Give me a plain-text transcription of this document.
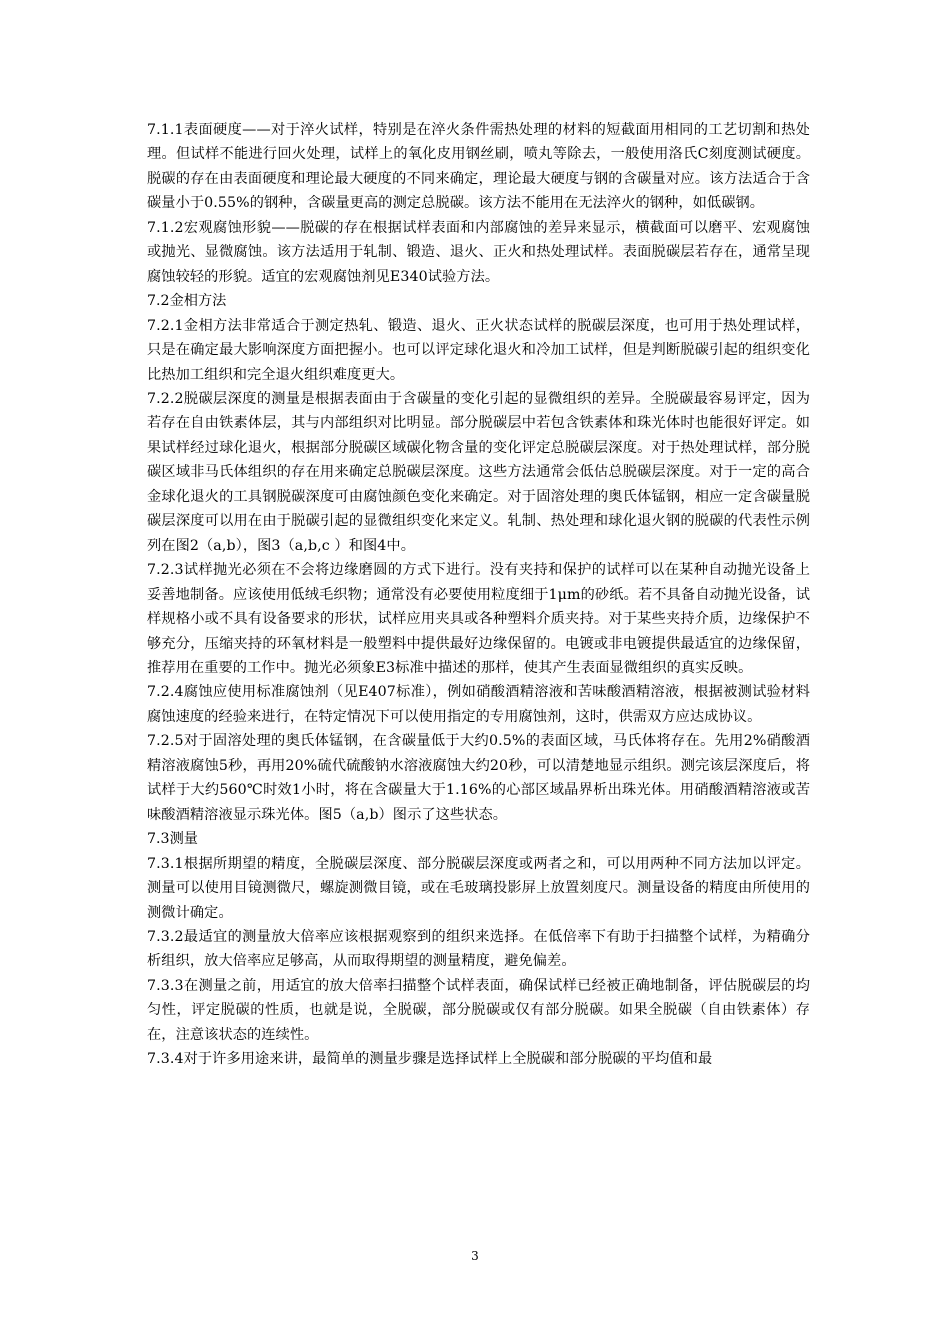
7.1.1表面硬度——对于淬火试样，特别是在淬火条件需热处理的材料的短截面用相同的工艺切割和热处理。但试样不能进行回火处理，试样上的氧化皮用钢丝刷，喷丸等除去，一般使用洛氏C刻度测试硬度。脱碳的存在由表面硬度和理论最大硬度的不同来确定，理论最大硬度与钢的含碳量对应。该方法适合于含碳量小于0.55%的钢种，含碳量更高的测定总脱碳。该方法不能用在无法淬火的钢种，如低碳钢。

7.1.2宏观腐蚀形貌——脱碳的存在根据试样表面和内部腐蚀的差异来显示，横截面可以磨平、宏观腐蚀或抛光、显微腐蚀。该方法适用于轧制、锻造、退火、正火和热处理试样。表面脱碳层若存在，通常呈现腐蚀较轻的形貌。适宜的宏观腐蚀剂见E340试验方法。

7.2金相方法

7.2.1金相方法非常适合于测定热轧、锻造、退火、正火状态试样的脱碳层深度，也可用于热处理试样，只是在确定最大影响深度方面把握小。也可以评定球化退火和冷加工试样，但是判断脱碳引起的组织变化比热加工组织和完全退火组织难度更大。

7.2.2脱碳层深度的测量是根据表面由于含碳量的变化引起的显微组织的差异。全脱碳最容易评定，因为若存在自由铁素体层，其与内部组织对比明显。部分脱碳层中若包含铁素体和珠光体时也能很好评定。如果试样经过球化退火，根据部分脱碳区域碳化物含量的变化评定总脱碳层深度。对于热处理试样，部分脱碳区域非马氏体组织的存在用来确定总脱碳层深度。这些方法通常会低估总脱碳层深度。对于一定的高合金球化退火的工具钢脱碳深度可由腐蚀颜色变化来确定。对于固溶处理的奥氏体锰钢，相应一定含碳量脱碳层深度可以用在由于脱碳引起的显微组织变化来定义。轧制、热处理和球化退火钢的脱碳的代表性示例列在图2（a,b），图3（a,b,c ）和图4中。

7.2.3试样抛光必须在不会将边缘磨圆的方式下进行。没有夹持和保护的试样可以在某种自动抛光设备上妥善地制备。应该使用低绒毛织物；通常没有必要使用粒度细于1μm的砂纸。若不具备自动抛光设备，试样规格小或不具有设备要求的形状，试样应用夹具或各种塑料介质夹持。对于某些夹持介质，边缘保护不够充分，压缩夹持的环氧材料是一般塑料中提供最好边缘保留的。电镀或非电镀提供最适宜的边缘保留，推荐用在重要的工作中。抛光必须象E3标准中描述的那样，使其产生表面显微组织的真实反映。

7.2.4腐蚀应使用标准腐蚀剂（见E407标准），例如硝酸酒精溶液和苦味酸酒精溶液，根据被测试验材料腐蚀速度的经验来进行，在特定情况下可以使用指定的专用腐蚀剂，这时，供需双方应达成协议。

7.2.5对于固溶处理的奥氏体锰钢，在含碳量低于大约0.5%的表面区域，马氏体将存在。先用2%硝酸酒精溶液腐蚀5秒，再用20%硫代硫酸钠水溶液腐蚀大约20秒，可以清楚地显示组织。测完该层深度后，将试样于大约560℃时效1小时，将在含碳量大于1.16%的心部区域晶界析出珠光体。用硝酸酒精溶液或苦味酸酒精溶液显示珠光体。图5（a,b）图示了这些状态。

7.3测量

7.3.1根据所期望的精度，全脱碳层深度、部分脱碳层深度或两者之和，可以用两种不同方法加以评定。测量可以使用目镜测微尺，螺旋测微目镜，或在毛玻璃投影屏上放置刻度尺。测量设备的精度由所使用的测微计确定。

7.3.2最适宜的测量放大倍率应该根据观察到的组织来选择。在低倍率下有助于扫描整个试样，为精确分析组织，放大倍率应足够高，从而取得期望的测量精度，避免偏差。

7.3.3在测量之前，用适宜的放大倍率扫描整个试样表面，确保试样已经被正确地制备，评估脱碳层的均匀性，评定脱碳的性质，也就是说，全脱碳，部分脱碳或仅有部分脱碳。如果全脱碳（自由铁素体）存在，注意该状态的连续性。

7.3.4对于许多用途来讲，最简单的测量步骤是选择试样上全脱碳和部分脱碳的平均值和最

3
